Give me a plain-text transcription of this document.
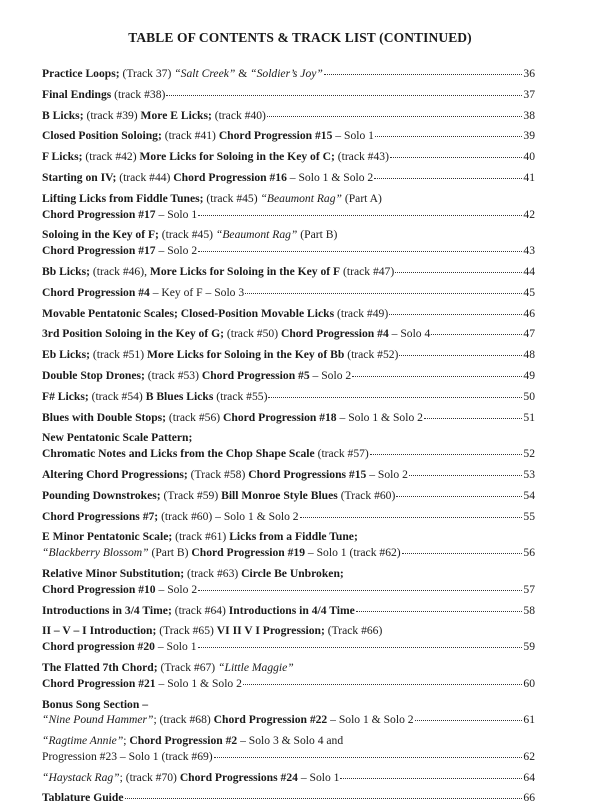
TABLE OF CONTENTS & TRACK LIST (CONTINUED)
Practice Loops; (Track 37) “Salt Creek” & “Soldier’s Joy”	36
Final Endings (track #38)	37
B Licks; (track #39) More E Licks; (track #40)	38
Closed Position Soloing; (track #41) Chord Progression #15 – Solo 1	39
F Licks; (track #42) More Licks for Soloing in the Key of C; (track #43)	40
Starting on IV; (track #44) Chord Progression #16 – Solo 1 & Solo 2	41
Lifting Licks from Fiddle Tunes; (track #45) “Beaumont Rag” (Part A)
Chord Progression #17 – Solo 1	42
Soloing in the Key of F; (track #45) “Beaumont Rag” (Part B)
Chord Progression #17 – Solo 2	43
Bb Licks; (track #46), More Licks for Soloing in the Key of F (track #47)	44
Chord Progression #4 – Key of F – Solo 3	45
Movable Pentatonic Scales; Closed-Position Movable Licks (track #49)	46
3rd Position Soloing in the Key of G; (track #50) Chord Progression #4 – Solo 4	47
Eb Licks; (track #51) More Licks for Soloing in the Key of Bb (track #52)	48
Double Stop Drones; (track #53) Chord Progression #5 – Solo 2	49
F# Licks; (track #54) B Blues Licks (track #55)	50
Blues with Double Stops; (track #56) Chord Progression #18 – Solo 1 & Solo 2	51
New Pentatonic Scale Pattern;
Chromatic Notes and Licks from the Chop Shape Scale (track #57)	52
Altering Chord Progressions; (Track #58) Chord Progressions #15 – Solo 2	53
Pounding Downstrokes; (Track #59) Bill Monroe Style Blues (Track #60)	54
Chord Progressions #7; (track #60) – Solo 1 & Solo 2	55
E Minor Pentatonic Scale; (track #61) Licks from a Fiddle Tune;
“Blackberry Blossom” (Part B) Chord Progression #19 – Solo 1 (track #62)	56
Relative Minor Substitution; (track #63) Circle Be Unbroken;
Chord Progression #10 – Solo 2	57
Introductions in 3/4 Time; (track #64) Introductions in 4/4 Time	58
II – V – I Introduction; (Track #65) VI II V I Progression; (Track #66)
Chord progression #20 – Solo 1	59
The Flatted 7th Chord; (Track #67) “Little Maggie”
Chord Progression #21 – Solo 1 & Solo 2	60
Bonus Song Section –
“Nine Pound Hammer”; (track #68) Chord Progression #22 – Solo 1 & Solo 2	61
“Ragtime Annie”; Chord Progression #2 – Solo 3 & Solo 4 and
Progression #23 – Solo 1 (track #69)	62
“Haystack Rag”; (track #70) Chord Progressions #24 – Solo 1	64
Tablature Guide	66
